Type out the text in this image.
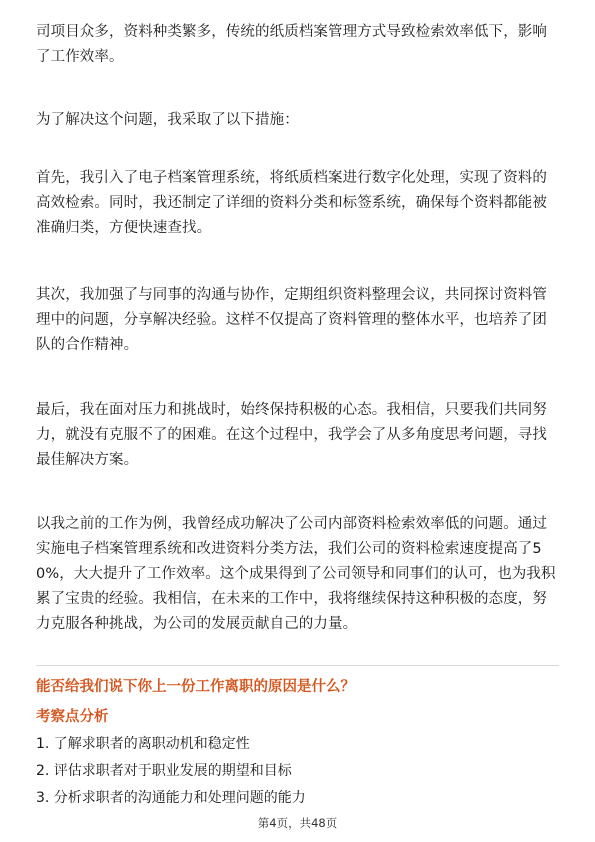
司项目众多，资料种类繁多，传统的纸质档案管理方式导致检索效率低下，影响了工作效率。

为了解决这个问题，我采取了以下措施：

首先，我引入了电子档案管理系统，将纸质档案进行数字化处理，实现了资料的高效检索。同时，我还制定了详细的资料分类和标签系统，确保每个资料都能被准确归类，方便快速查找。

其次，我加强了与同事的沟通与协作，定期组织资料整理会议，共同探讨资料管理中的问题，分享解决经验。这样不仅提高了资料管理的整体水平，也培养了团队的合作精神。

最后，我在面对压力和挑战时，始终保持积极的心态。我相信，只要我们共同努力，就没有克服不了的困难。在这个过程中，我学会了从多角度思考问题，寻找最佳解决方案。

以我之前的工作为例，我曾经成功解决了公司内部资料检索效率低的问题。通过实施电子档案管理系统和改进资料分类方法，我们公司的资料检索速度提高了50%，大大提升了工作效率。这个成果得到了公司领导和同事们的认可，也为我积累了宝贵的经验。我相信，在未来的工作中，我将继续保持这种积极的态度，努力克服各种挑战，为公司的发展贡献自己的力量。

能否给我们说下你上一份工作离职的原因是什么？

考察点分析

1. 了解求职者的离职动机和稳定性

2. 评估求职者对于职业发展的期望和目标

3. 分析求职者的沟通能力和处理问题的能力

第4页，共48页
